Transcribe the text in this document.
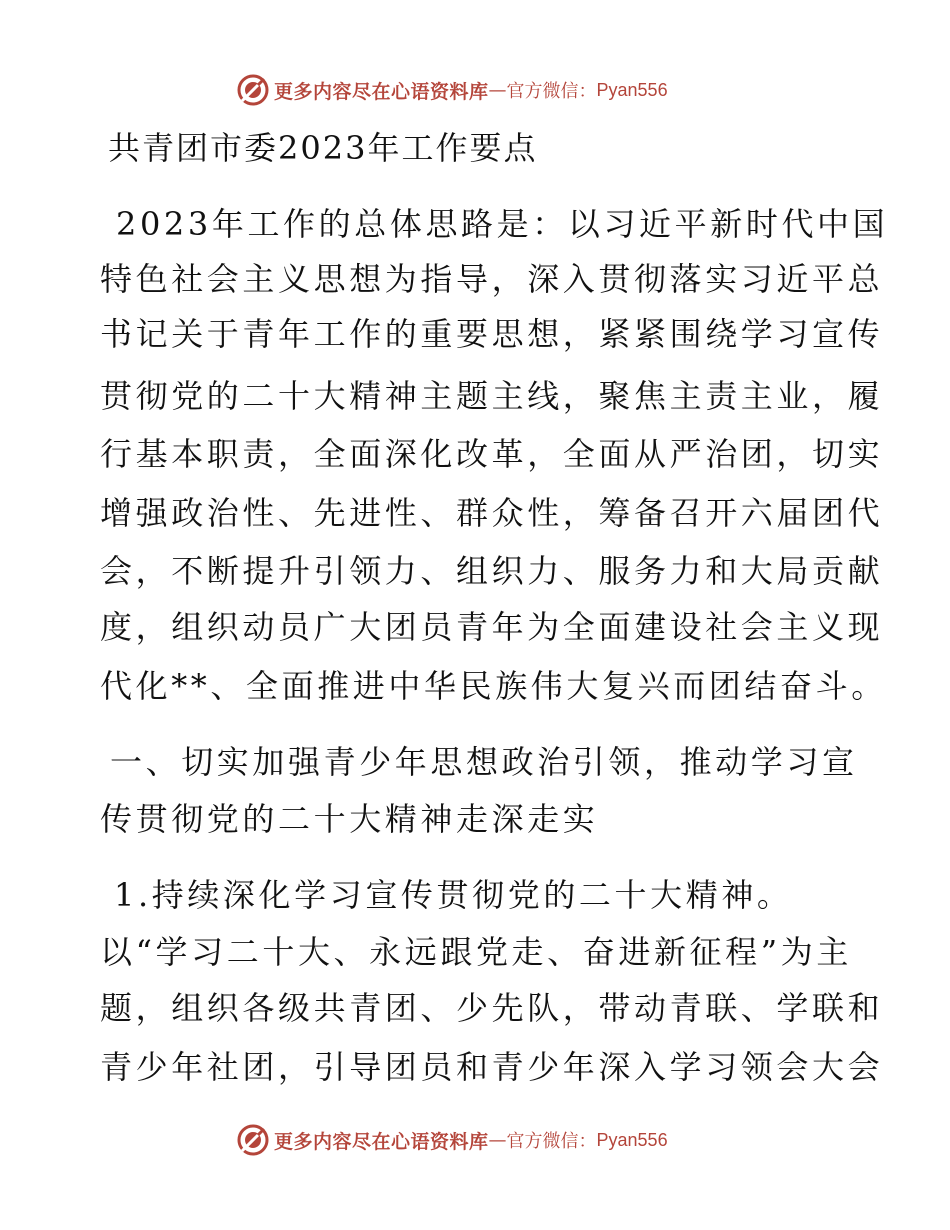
更多内容尽在心语资料库 — 官方微信： Pyan556
共青团市委2023年工作要点
2023年工作的总体思路是：以习近平新时代中国
特色社会主义思想为指导，深入贯彻落实习近平总
书记关于青年工作的重要思想，紧紧围绕学习宣传
贯彻党的二十大精神主题主线，聚焦主责主业，履
行基本职责，全面深化改革，全面从严治团，切实
增强政治性、先进性、群众性，筹备召开六届团代
会，不断提升引领力、组织力、服务力和大局贡献
度，组织动员广大团员青年为全面建设社会主义现
代化**、全面推进中华民族伟大复兴而团结奋斗。
一、切实加强青少年思想政治引领，推动学习宣
传贯彻党的二十大精神走深走实
1.持续深化学习宣传贯彻党的二十大精神。
以“学习二十大、永远跟党走、奋进新征程”为主
题，组织各级共青团、少先队，带动青联、学联和
青少年社团，引导团员和青少年深入学习领会大会
更多内容尽在心语资料库 — 官方微信： Pyan556
